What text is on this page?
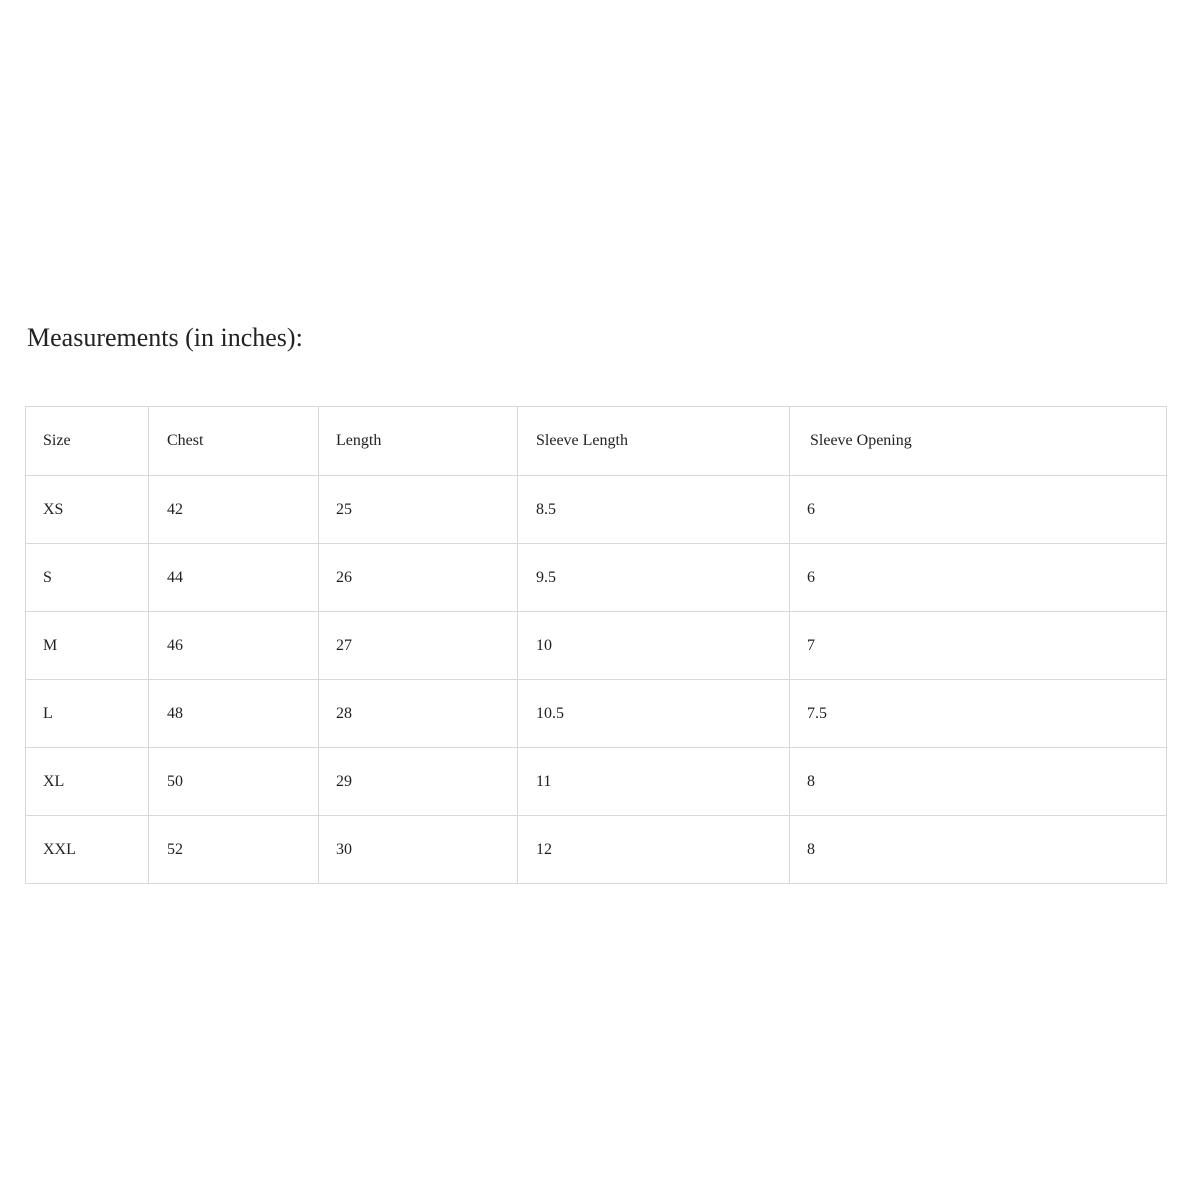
Measurements (in inches):
Size	Chest	Length	Sleeve Length	Sleeve Opening
XS	42	25	8.5	6
S	44	26	9.5	6
M	46	27	10	7
L	48	28	10.5	7.5
XL	50	29	11	8
XXL	52	30	12	8
